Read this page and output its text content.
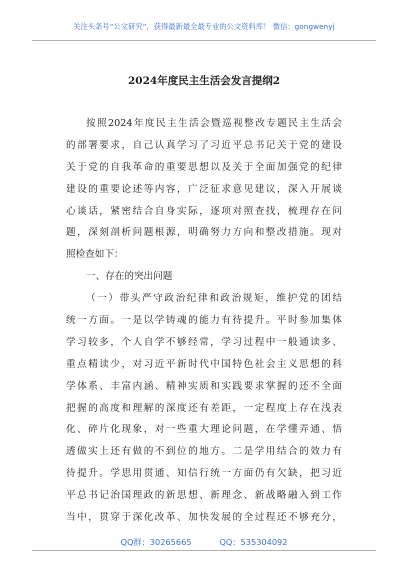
关注头条号“公文研究”，获得最新最全最专业的公文资料库！ 微信：gongwenyj
2024年度民主生活会发言提纲2
按照2024年度民主生活会暨巡视整改专题民主生活会
的部署要求，自己认真学习了习近平总书记关于党的建设
关于党的自我革命的重要思想以及关于全面加强党的纪律
建设的重要论述等内容，广泛征求意见建议，深入开展谈
心谈话，紧密结合自身实际，逐项对照查找，梳理存在问
题，深刻剖析问题根源，明确努力方向和整改措施。现对
照检查如下：
一、存在的突出问题
（一）带头严守政治纪律和政治规矩，维护党的团结
统一方面。一是以学铸魂的能力有待提升。平时参加集体
学习较多，个人自学不够经常，学习过程中一般通读多、
重点精读少，对习近平新时代中国特色社会主义思想的科
学体系、丰富内涵、精神实质和实践要求掌握的还不全面
把握的高度和理解的深度还有差距，一定程度上存在浅表
化、碎片化现象，对一些重大理论问题，在学懂弄通、悟
透做实上还有做的不到位的地方。二是学用结合的效力有
待提升。学思用贯通、知信行统一方面仍有欠缺，把习近
平总书记治国理政的新思想、新理念、新战略融入到工作
当中，贯穿于深化改革、加快发展的全过程还不够充分，
QQ群：30265665	QQ：535304092
